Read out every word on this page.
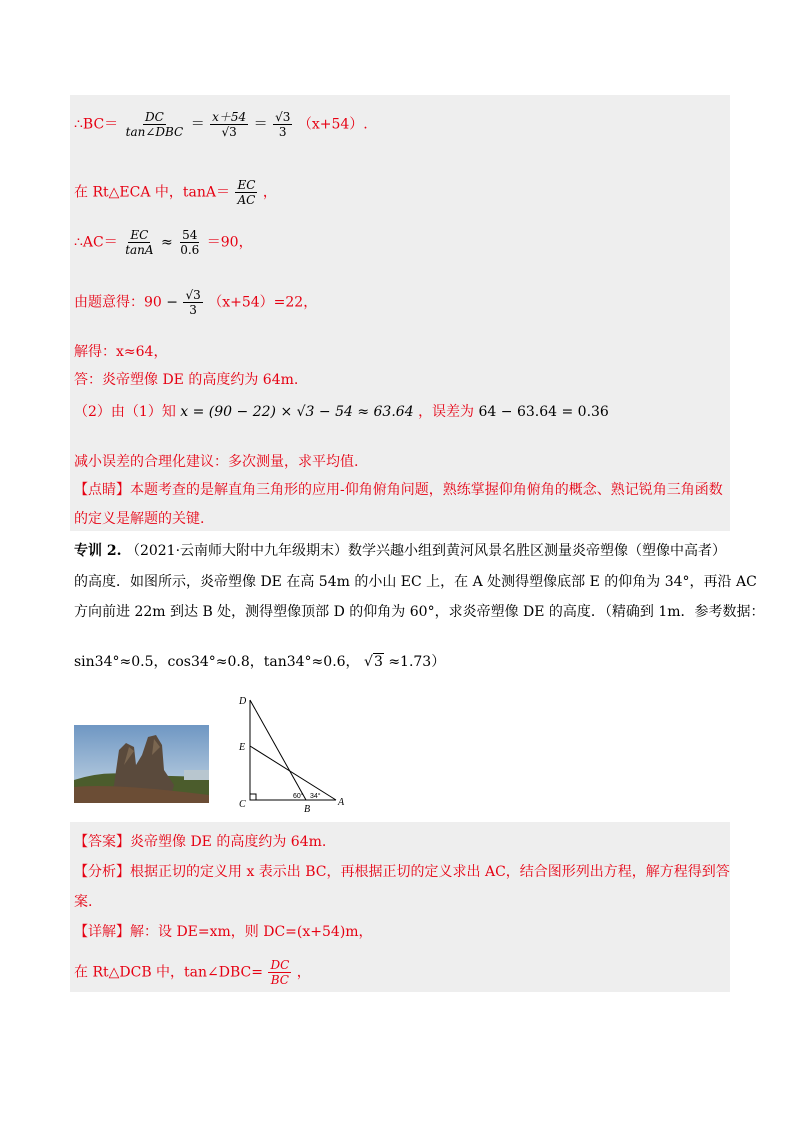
∴BC＝ $\frac{DC}{\text{tan∠DBC}} = \frac{x+54}{√3} = \frac{√3}{3} (x+54)$.
在 Rt△ECA 中，$\tan A= \frac{EC}{AC}$ ，
∴AC＝ $\frac{EC}{\tan A} \approx \frac{54}{0.6} =90$，
由题意得：$90 - \frac{√3}{3} (x+54)=22$，
解得：x≈64，
答：炎帝塑像 DE 的高度约为 64m.
（2）由（1）知 x = (90 − 22) × √3 − 54 ≈ 63.64 ，误差为 64 − 63.64 = 0.36
减小误差的合理化建议：多次测量，求平均值.
【点睛】本题考查的是解直角三角形的应用-仰角俯角问题，熟练掌握仰角俯角的概念、熟记锐角三角函数
的定义是解题的关键.
专训 2. （2021·云南师大附中九年级期末）数学兴趣小组到黄河风景名胜区测量炎帝塑像（塑像中高者）
的高度．如图所示，炎帝塑像 DE 在高 54m 的小山 EC 上，在 A 处测得塑像底部 E 的仰角为 34°，再沿 AC
方向前进 22m 到达 B 处，测得塑像顶部 D 的仰角为 60°，求炎帝塑像 DE 的高度．（精确到 1m．参考数据：
sin34°≈0.5，cos34°≈0.8，tan34°≈0.6， √3 ≈1.73）
D
E
C	B
A
60° 34°
【答案】炎帝塑像 DE 的高度约为 64m.
【分析】根据正切的定义用 x 表示出 BC，再根据正切的定义求出 AC，结合图形列出方程，解方程得到答
案.
【详解】解：设 DE=xm，则 DC=(x+54)m，
在 Rt△DCB 中，tan∠DBC= $\frac{DC}{BC}$ ，
